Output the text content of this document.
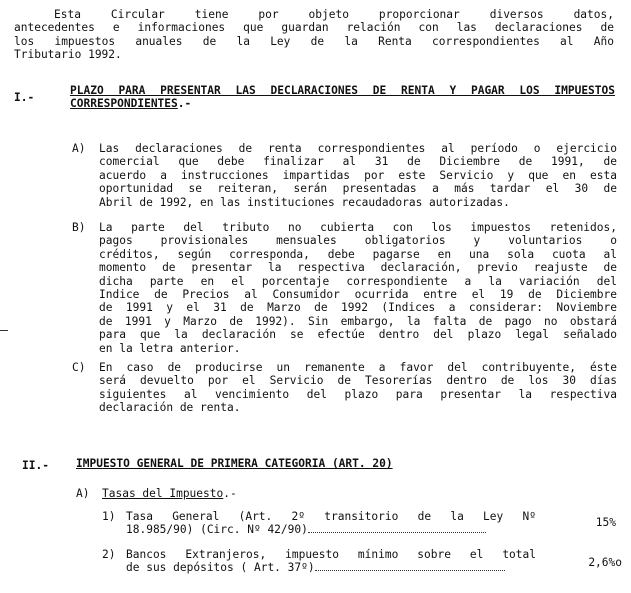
Esta Circular tiene por objeto proporcionar diversos datos,
antecedentes e informaciones que guardan relación con las declaraciones de
los impuestos anuales de la Ley de la Renta correspondientes al Año
Tributario 1992.
I.-
PLAZO PARA PRESENTAR LAS DECLARACIONES DE RENTA Y PAGAR LOS IMPUESTOS
CORRESPONDIENTES.-
A) Las declaraciones de renta correspondientes al período o ejercicio
comercial que debe finalizar al 31 de Diciembre de 1991, de
acuerdo a instrucciones impartidas por este Servicio y que en esta
oportunidad se reiteran, serán presentadas a más tardar el 30 de
Abril de 1992, en las instituciones recaudadoras autorizadas.
B) La parte del tributo no cubierta con los impuestos retenidos,
pagos provisionales mensuales obligatorios y voluntarios o
créditos, según corresponda, debe pagarse en una sola cuota al
momento de presentar la respectiva declaración, previo reajuste de
dicha parte en el porcentaje correspondiente a la variación del
Indice de Precios al Consumidor ocurrida entre el 19 de Diciembre
de 1991 y el 31 de Marzo de 1992 (Indices a considerar: Noviembre
de 1991 y Marzo de 1992). Sin embargo, la falta de pago no obstará
para que la declaración se efectúe dentro del plazo legal señalado
en la letra anterior.
C) En caso de producirse un remanente a favor del contribuyente, éste
será devuelto por el Servicio de Tesorerías dentro de los 30 días
siguientes al vencimiento del plazo para presentar la respectiva
declaración de renta.
II.- IMPUESTO GENERAL DE PRIMERA CATEGORIA (ART. 20)
A) Tasas del Impuesto.-
1) Tasa General (Art. 2º transitorio de la Ley Nº
18.985/90) (Circ. Nº 42/90)
15%
2) Bancos Extranjeros, impuesto mínimo sobre el total
de sus depósitos ( Art. 37º)	2,6%o
